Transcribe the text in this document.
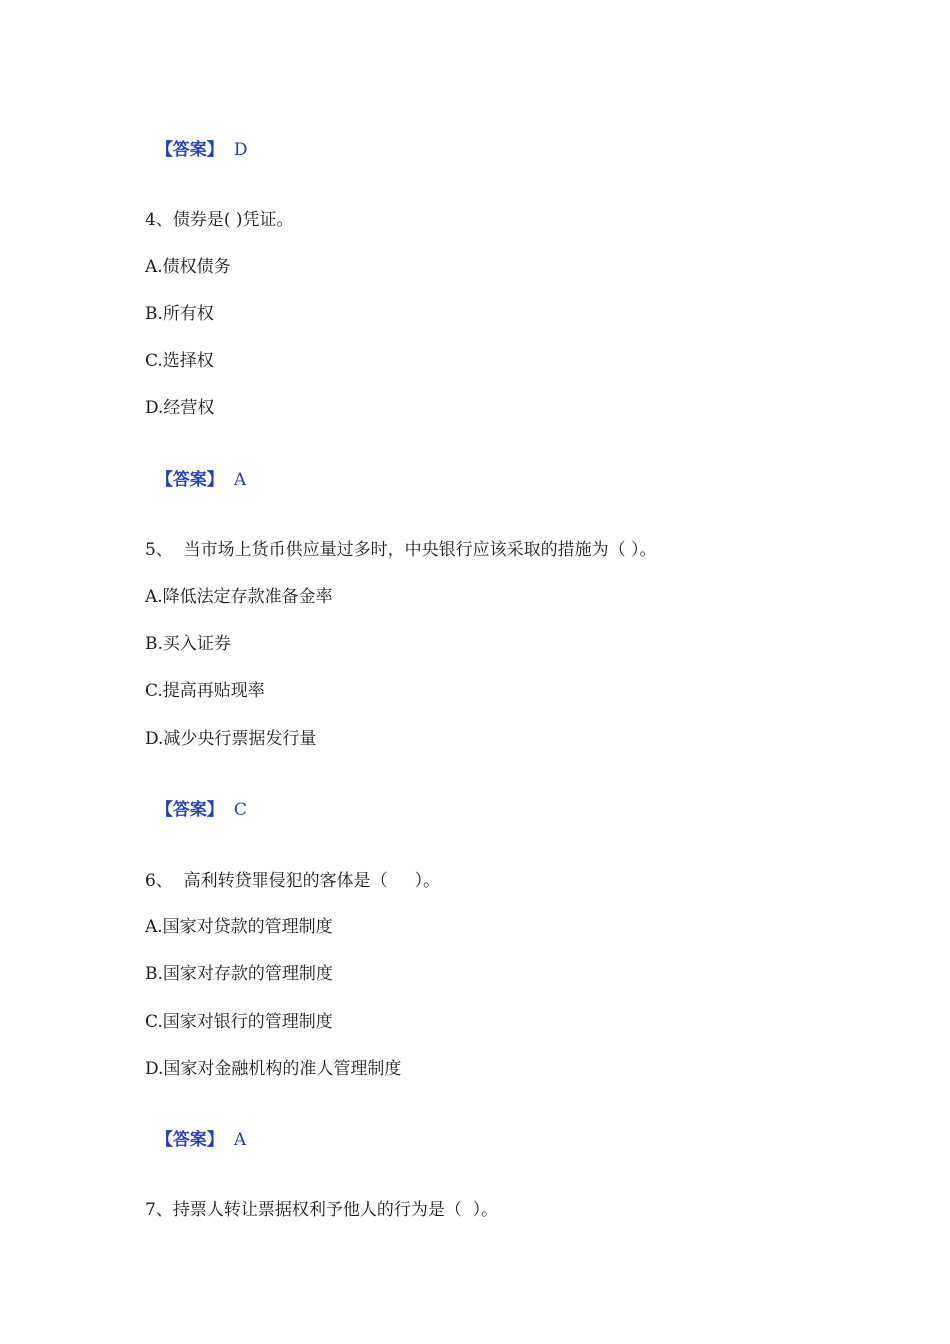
【答案】 D

4、债券是( )凭证。
A.债权债务
B.所有权
C.选择权
D.经营权

【答案】 A

5、  当市场上货币供应量过多时，中央银行应该采取的措施为（ ）。
A.降低法定存款准备金率
B.买入证券
C.提高再贴现率
D.减少央行票据发行量

【答案】 C

6、  高利转贷罪侵犯的客体是（     ）。
A.国家对贷款的管理制度
B.国家对存款的管理制度
C.国家对银行的管理制度
D.国家对金融机构的准人管理制度

【答案】 A

7、持票人转让票据权利予他人的行为是（  ）。
